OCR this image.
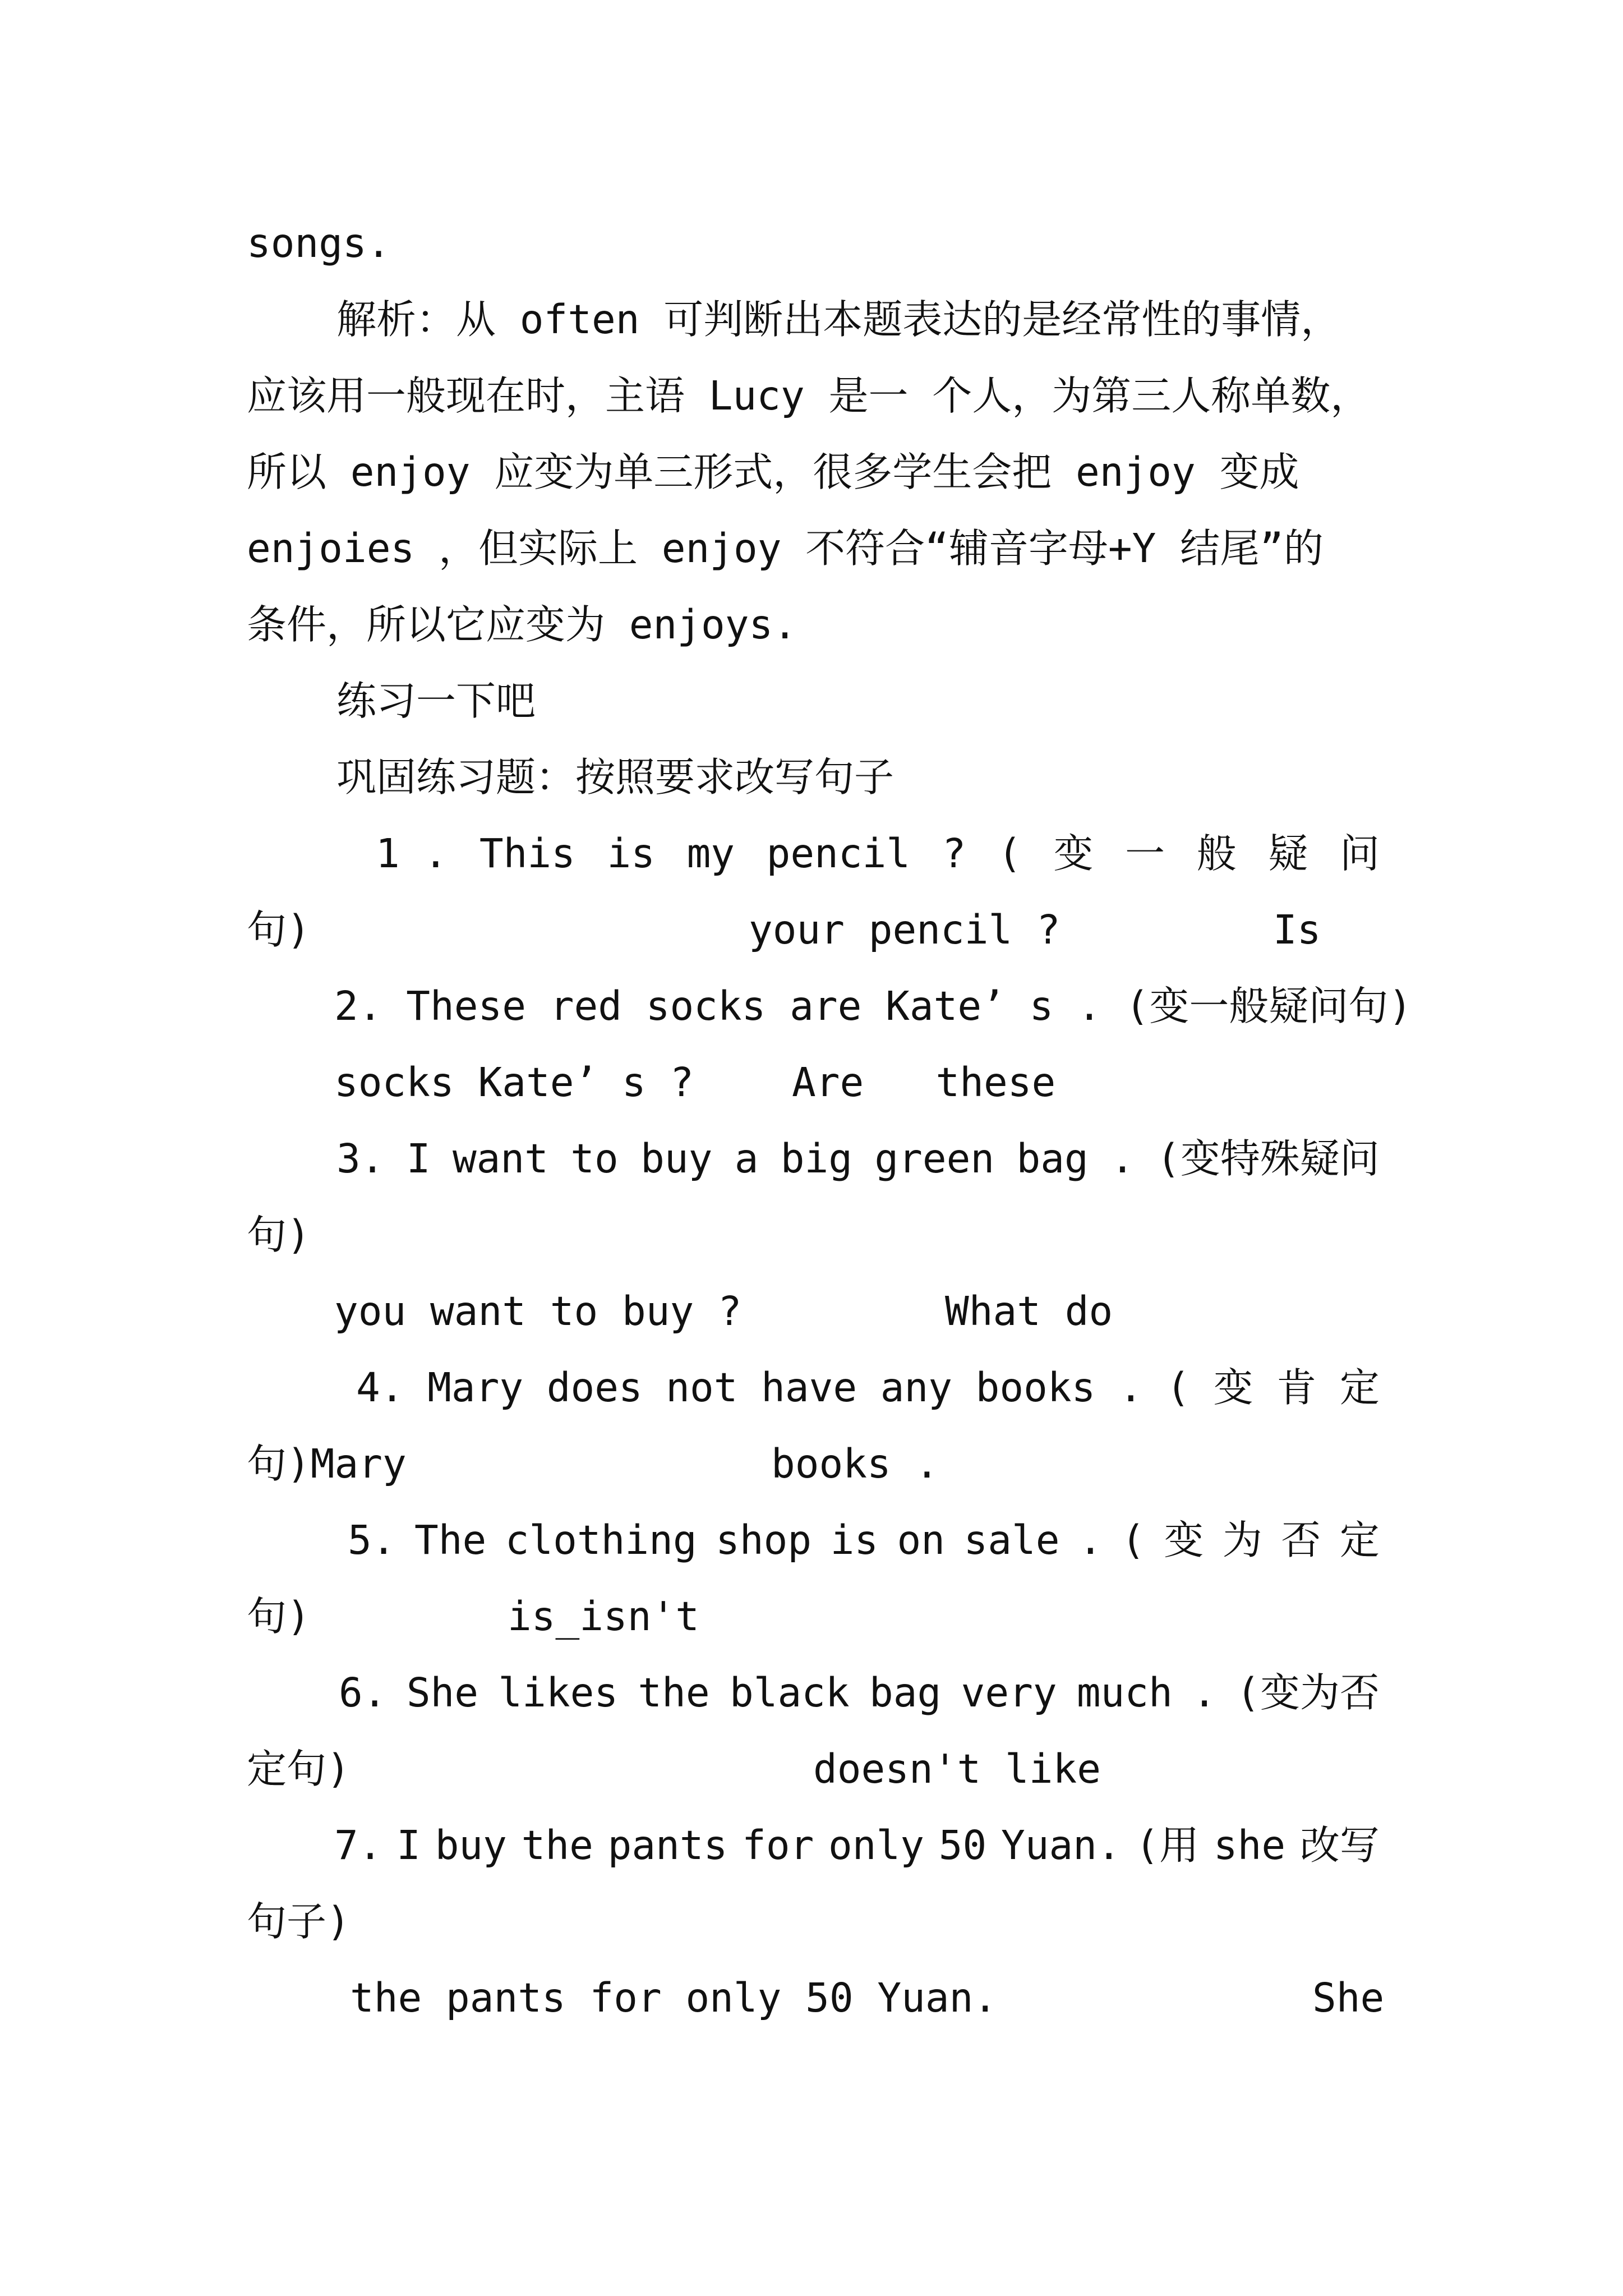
songs.
解析：从 often 可判断出本题表达的是经常性的事情，
应该用一般现在时，主语 Lucy 是一 个人，为第三人称单数，
所以 enjoy 应变为单三形式，很多学生会把 enjoy 变成
enjoies ，但实际上 enjoy 不符合“辅音字母+Y 结尾”的
条件，所以它应变为 enjoys.
练习一下吧
巩固练习题：按照要求改写句子
1 . This is my pencil ? ( 变 一 般 疑 问
句)	your pencil ?	Is
2. These red socks are Kate’ s . (变一般疑问句)
socks Kate’ s ? Are   these
3. I want to buy a big green bag . (变特殊疑问
句)
you want to buy ?	What do
4. Mary does not have any books . ( 变 肯 定
句)Mary	books .
5. The clothing shop is on sale . ( 变 为 否 定
句)	is_isn't
6. She likes the black bag very much . (变为否
定句)	doesn't like
7. I buy the pants for only 50 Yuan. (用 she 改写
句子)
the pants for only 50 Yuan.	She
